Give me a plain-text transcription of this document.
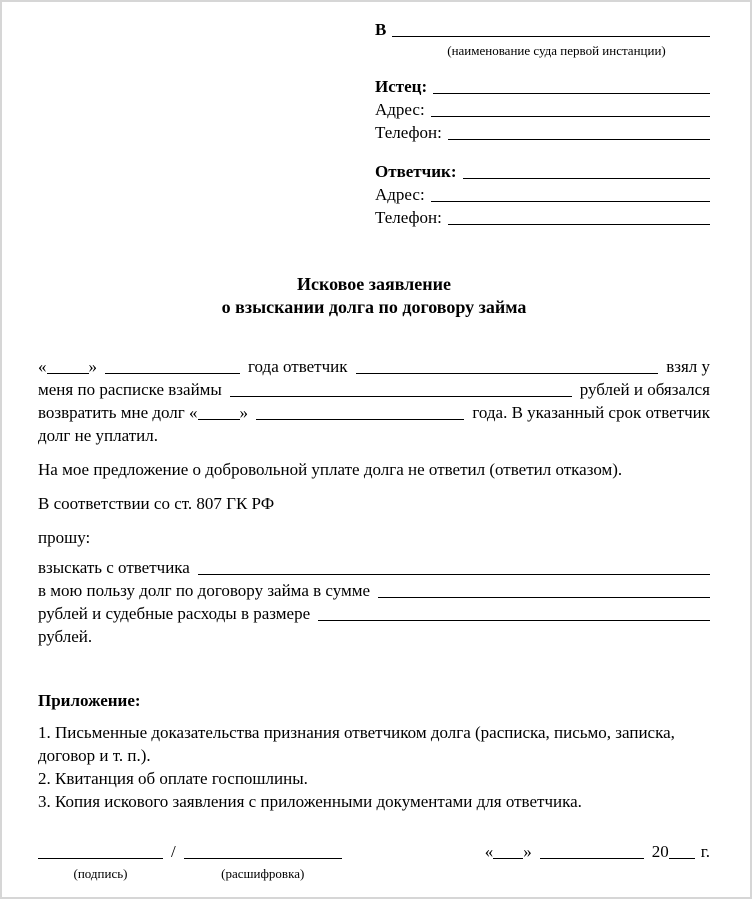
В
(наименование суда первой инстанции)
Истец:
Адрес:
Телефон:
Ответчик:
Адрес:
Телефон:
Исковое заявление
о взыскании долга по договору займа
« »	года ответчик	взял у
меня по расписке взаймы	рублей и обязался
возвратить мне долг « »	года. В указанный срок ответчик
долг не уплатил.
На мое предложение о добровольной уплате долга не ответил (ответил отказом).
В соответствии со ст. 807 ГК РФ
прошу:
взыскать с ответчика
в мою пользу долг по договору займа в сумме
рублей и судебные расходы в размере
рублей.
Приложение:

1. Письменные доказательства признания ответчиком долга (расписка, письмо, записка, договор и т. п.).

2. Квитанция об оплате госпошлины.

3. Копия искового заявления с приложенными документами для ответчика.

(подпись)
/
(расшифровка)
« »	20 г.
